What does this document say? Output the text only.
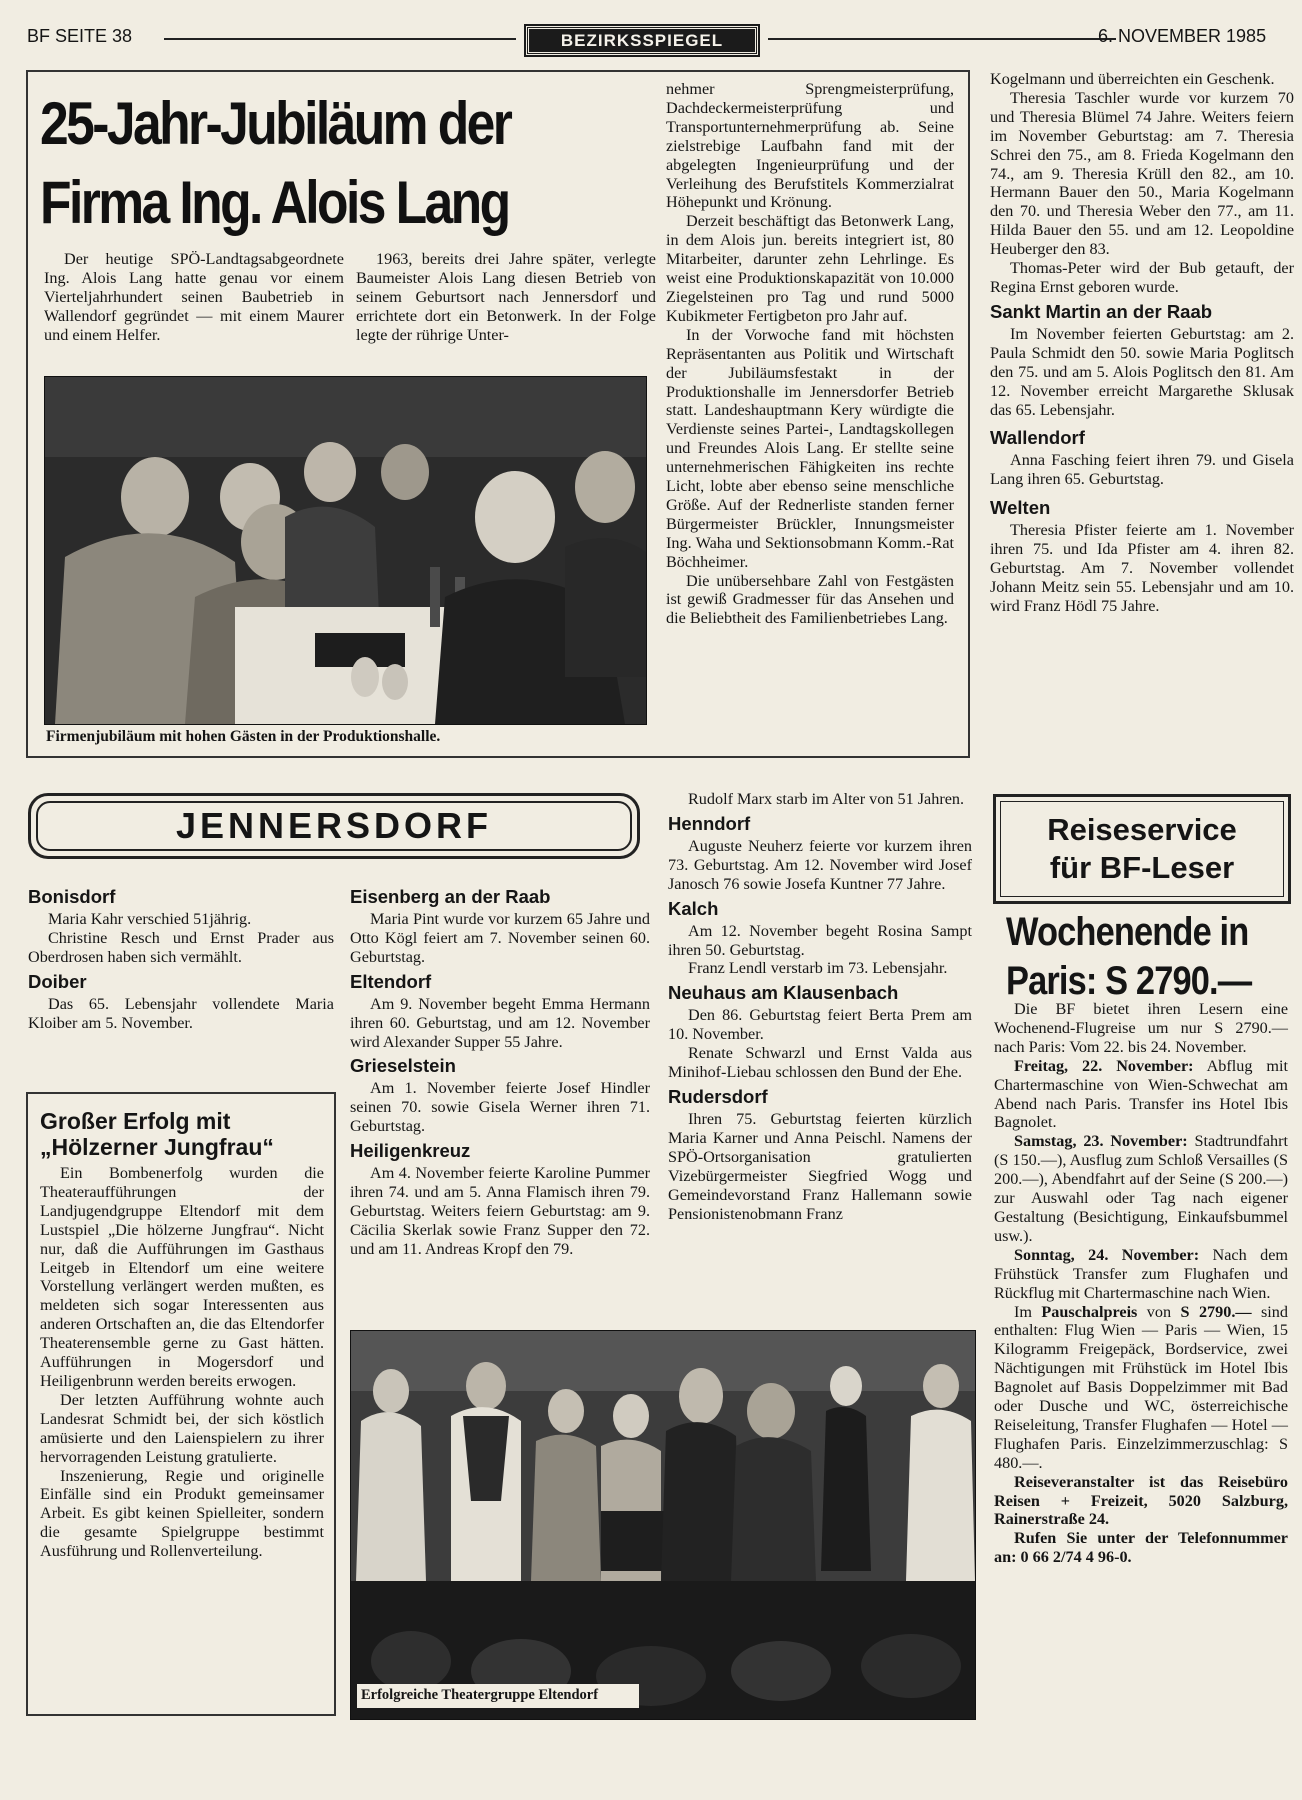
BF SEITE 38	BEZIRKSSPIEGEL	6. NOVEMBER 1985
25-Jahr-Jubiläum der
Firma Ing. Alois Lang

Der heutige SPÖ-Landtagsabgeordnete Ing. Alois Lang hatte genau vor einem Vierteljahrhundert seinen Baubetrieb in Wallendorf gegründet — mit einem Maurer und einem Helfer.

1963, bereits drei Jahre später, verlegte Baumeister Alois Lang diesen Betrieb von seinem Geburtsort nach Jennersdorf und errichtete dort ein Betonwerk. In der Folge legte der rührige Unter-

Firmenjubiläum mit hohen Gästen in der Produktionshalle.

nehmer Sprengmeisterprüfung, Dachdeckermeisterprüfung und Transportunternehmerprüfung ab. Seine zielstrebige Laufbahn fand mit der abgelegten Ingenieurprüfung und der Verleihung des Berufstitels Kommerzialrat Höhepunkt und Krönung.

Derzeit beschäftigt das Betonwerk Lang, in dem Alois jun. bereits integriert ist, 80 Mitarbeiter, darunter zehn Lehrlinge. Es weist eine Produktionskapazität von 10.000 Ziegelsteinen pro Tag und rund 5000 Kubikmeter Fertigbeton pro Jahr auf.

In der Vorwoche fand mit höchsten Repräsentanten aus Politik und Wirtschaft der Jubiläumsfestakt in der Produktionshalle im Jennersdorfer Betrieb statt. Landeshauptmann Kery würdigte die Verdienste seines Partei-, Landtagskollegen und Freundes Alois Lang. Er stellte seine unternehmerischen Fähigkeiten ins rechte Licht, lobte aber ebenso seine menschliche Größe. Auf der Rednerliste standen ferner Bürgermeister Brückler, Innungsmeister Ing. Waha und Sektionsobmann Komm.-Rat Böchheimer.

Die unübersehbare Zahl von Festgästen ist gewiß Gradmesser für das Ansehen und die Beliebtheit des Familienbetriebes Lang.

Kogelmann und überreichten ein Geschenk.

Theresia Taschler wurde vor kurzem 70 und Theresia Blümel 74 Jahre. Weiters feiern im November Geburtstag: am 7. Theresia Schrei den 75., am 8. Frieda Kogelmann den 74., am 9. Theresia Krüll den 82., am 10. Hermann Bauer den 50., Maria Kogelmann den 70. und Theresia Weber den 77., am 11. Hilda Bauer den 55. und am 12. Leopoldine Heuberger den 83.

Thomas-Peter wird der Bub getauft, der Regina Ernst geboren wurde.

Sankt Martin an der Raab

Im November feierten Geburtstag: am 2. Paula Schmidt den 50. sowie Maria Poglitsch den 75. und am 5. Alois Poglitsch den 81. Am 12. November erreicht Margarethe Sklusak das 65. Lebensjahr.

Wallendorf

Anna Fasching feiert ihren 79. und Gisela Lang ihren 65. Geburtstag.

Welten

Theresia Pfister feierte am 1. November ihren 75. und Ida Pfister am 4. ihren 82. Geburtstag. Am 7. November vollendet Johann Meitz sein 55. Lebensjahr und am 10. wird Franz Hödl 75 Jahre.

JENNERSDORF
Bonisdorf

Maria Kahr verschied 51jährig.

Christine Resch und Ernst Prader aus Oberdrosen haben sich vermählt.

Doiber

Das 65. Lebensjahr vollendete Maria Kloiber am 5. November.

Großer Erfolg mit
„Hölzerner Jungfrau“

Ein Bombenerfolg wurden die Theateraufführungen der Landjugendgruppe Eltendorf mit dem Lustspiel „Die hölzerne Jungfrau“. Nicht nur, daß die Aufführungen im Gasthaus Leitgeb in Eltendorf um eine weitere Vorstellung verlängert werden mußten, es meldeten sich sogar Interessenten aus anderen Ortschaften an, die das Eltendorfer Theaterensemble gerne zu Gast hätten. Aufführungen in Mogersdorf und Heiligenbrunn werden bereits erwogen.

Der letzten Aufführung wohnte auch Landesrat Schmidt bei, der sich köstlich amüsierte und den Laienspielern zu ihrer hervorragenden Leistung gratulierte.

Inszenierung, Regie und originelle Einfälle sind ein Produkt gemeinsamer Arbeit. Es gibt keinen Spielleiter, sondern die gesamte Spielgruppe bestimmt Ausführung und Rollenverteilung.

Eisenberg an der Raab

Maria Pint wurde vor kurzem 65 Jahre und Otto Kögl feiert am 7. November seinen 60. Geburtstag.

Eltendorf

Am 9. November begeht Emma Hermann ihren 60. Geburtstag, und am 12. November wird Alexander Supper 55 Jahre.

Grieselstein

Am 1. November feierte Josef Hindler seinen 70. sowie Gisela Werner ihren 71. Geburtstag.

Heiligenkreuz

Am 4. November feierte Karoline Pummer ihren 74. und am 5. Anna Flamisch ihren 79. Geburtstag. Weiters feiern Geburtstag: am 9. Cäcilia Skerlak sowie Franz Supper den 72. und am 11. Andreas Kropf den 79.

Rudolf Marx starb im Alter von 51 Jahren.

Henndorf

Auguste Neuherz feierte vor kurzem ihren 73. Geburtstag. Am 12. November wird Josef Janosch 76 sowie Josefa Kuntner 77 Jahre.

Kalch

Am 12. November begeht Rosina Sampt ihren 50. Geburtstag.

Franz Lendl verstarb im 73. Lebensjahr.

Neuhaus am Klausenbach

Den 86. Geburtstag feiert Berta Prem am 10. November.

Renate Schwarzl und Ernst Valda aus Minihof-Liebau schlossen den Bund der Ehe.

Rudersdorf

Ihren 75. Geburtstag feierten kürzlich Maria Karner und Anna Peischl. Namens der SPÖ-Ortsorganisation gratulierten Vizebürgermeister Siegfried Wogg und Gemeindevorstand Franz Hallemann sowie Pensionistenobmann Franz

Erfolgreiche Theatergruppe Eltendorf
Reiseservice
für BF-Leser
Wochenende in
Paris: S 2790.—

Die BF bietet ihren Lesern eine Wochenend-Flugreise um nur S 2790.— nach Paris: Vom 22. bis 24. November.

Freitag, 22. November: Abflug mit Chartermaschine von Wien-Schwechat am Abend nach Paris. Transfer ins Hotel Ibis Bagnolet.

Samstag, 23. November: Stadtrundfahrt (S 150.—), Ausflug zum Schloß Versailles (S 200.—), Abendfahrt auf der Seine (S 200.—) zur Auswahl oder Tag nach eigener Gestaltung (Besichtigung, Einkaufsbummel usw.).

Sonntag, 24. November: Nach dem Frühstück Transfer zum Flughafen und Rückflug mit Chartermaschine nach Wien.

Im Pauschalpreis von S 2790.— sind enthalten: Flug Wien — Paris — Wien, 15 Kilogramm Freigepäck, Bordservice, zwei Nächtigungen mit Frühstück im Hotel Ibis Bagnolet auf Basis Doppelzimmer mit Bad oder Dusche und WC, österreichische Reiseleitung, Transfer Flughafen — Hotel — Flughafen Paris. Einzelzimmerzuschlag: S 480.—.

Reiseveranstalter ist das Reisebüro Reisen + Freizeit, 5020 Salzburg, Rainerstraße 24.

Rufen Sie unter der Telefonnummer an: 0 66 2/74 4 96-0.
